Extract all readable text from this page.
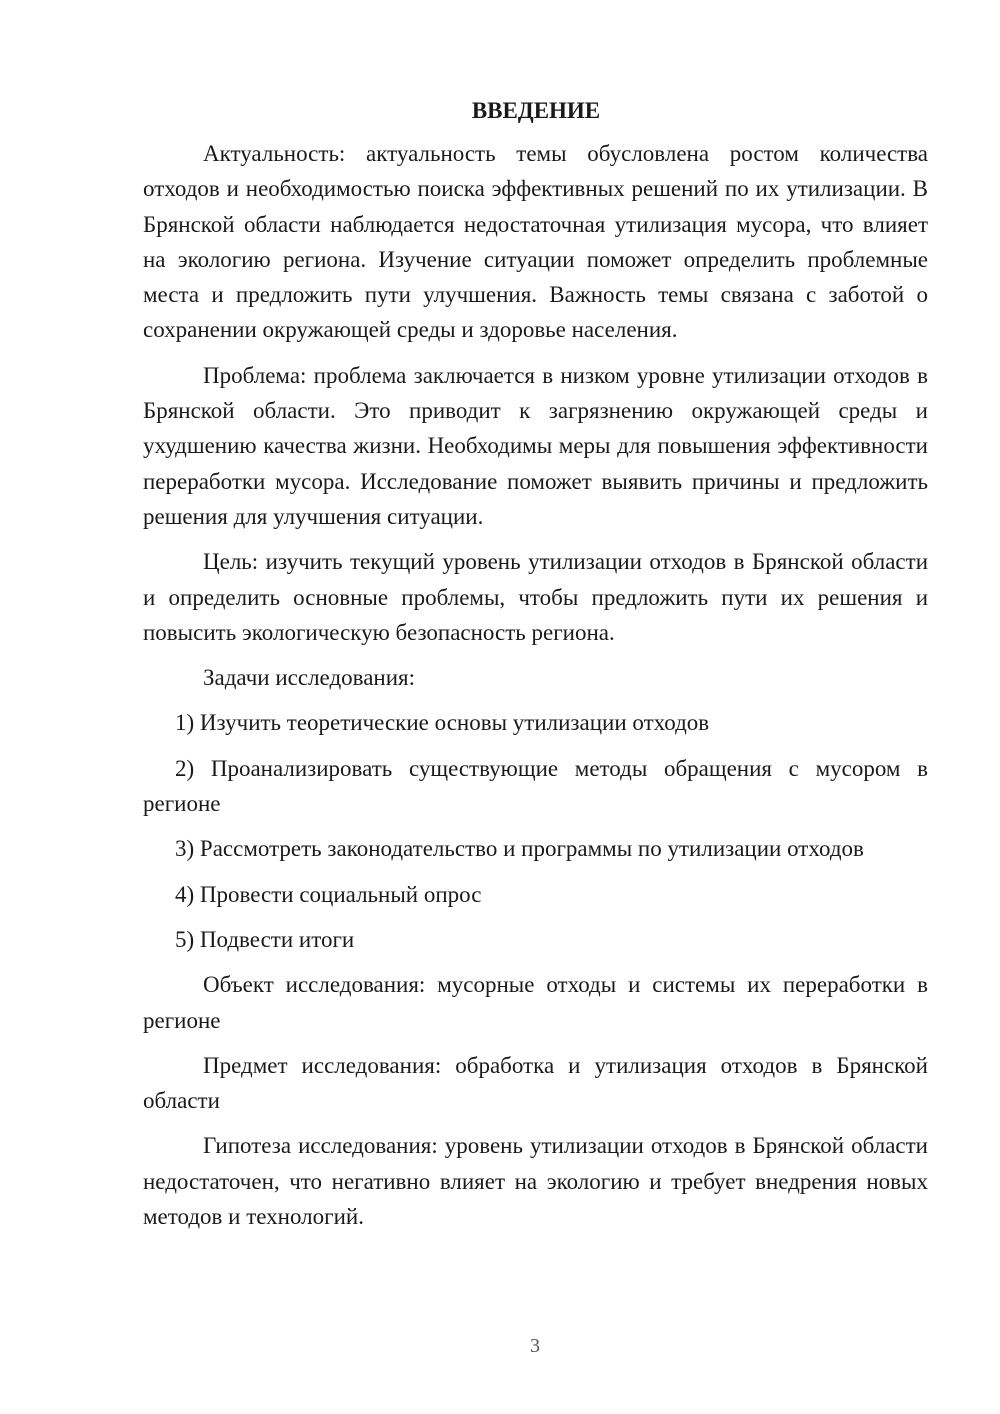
ВВЕДЕНИЕ

Актуальность: актуальность темы обусловлена ростом количества отходов и необходимостью поиска эффективных решений по их утилизации. В Брянской области наблюдается недостаточная утилизация мусора, что влияет на экологию региона. Изучение ситуации поможет определить проблемные места и предложить пути улучшения. Важность темы связана с заботой о сохранении окружающей среды и здоровье населения.

Проблема: проблема заключается в низком уровне утилизации отходов в Брянской области. Это приводит к загрязнению окружающей среды и ухудшению качества жизни. Необходимы меры для повышения эффективности переработки мусора. Исследование поможет выявить причины и предложить решения для улучшения ситуации.

Цель: изучить текущий уровень утилизации отходов в Брянской области и определить основные проблемы, чтобы предложить пути их решения и повысить экологическую безопасность региона.

Задачи исследования:

1) Изучить теоретические основы утилизации отходов

2) Проанализировать существующие методы обращения с мусором в регионе

3) Рассмотреть законодательство и программы по утилизации отходов

4) Провести социальный опрос

5) Подвести итоги

Объект исследования: мусорные отходы и системы их переработки в регионе

Предмет исследования: обработка и утилизация отходов в Брянской области

Гипотеза исследования: уровень утилизации отходов в Брянской области недостаточен, что негативно влияет на экологию и требует внедрения новых методов и технологий.

3
